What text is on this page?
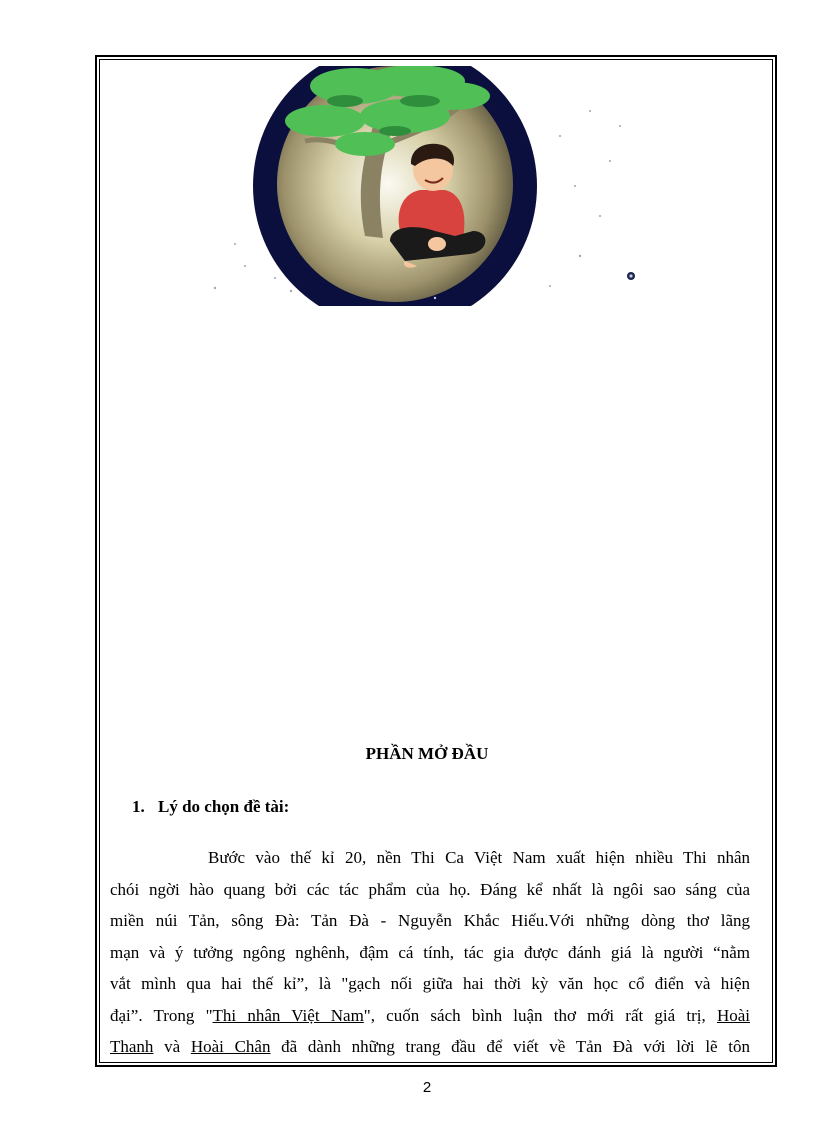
PHẦN MỞ ĐẦU
1. Lý do chọn đề tài:
Bước vào thế kỉ 20, nền Thi Ca Việt Nam xuất hiện nhiều Thi nhân
chói ngời hào quang bởi các tác phẩm của họ. Đáng kể nhất là ngôi sao sáng của
miền núi Tản, sông Đà: Tản Đà - Nguyễn Khắc Hiếu.Với những dòng thơ lãng
mạn và ý tưởng ngông nghênh, đậm cá tính, tác gia được đánh giá là người “nằm
vắt mình qua hai thế kỉ”, là "gạch nối giữa hai thời kỳ văn học cổ điển và hiện
đại”. Trong "Thi nhân Việt Nam", cuốn sách bình luận thơ mới rất giá trị, Hoài
Thanh và Hoài Chân đã dành những trang đầu để viết về Tản Đà với lời lẽ tôn
2
